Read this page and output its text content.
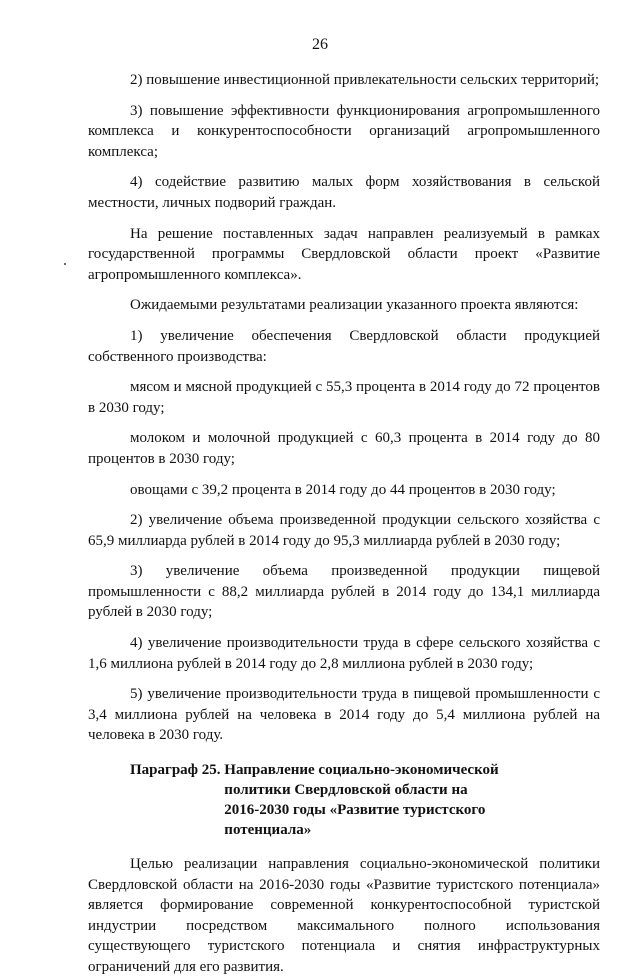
26

2) повышение инвестиционной привлекательности сельских территорий;

3) повышение эффективности функционирования агропромышленного комплекса и конкурентоспособности организаций агропромышленного комплекса;

4) содействие развитию малых форм хозяйствования в сельской местности, личных подворий граждан.

На решение поставленных задач направлен реализуемый в рамках государственной программы Свердловской области проект «Развитие агропромышленного комплекса».

Ожидаемыми результатами реализации указанного проекта являются:

1) увеличение обеспечения Свердловской области продукцией собственного производства:

мясом и мясной продукцией с 55,3 процента в 2014 году до 72 процентов в 2030 году;

молоком и молочной продукцией с 60,3 процента в 2014 году до 80 процентов в 2030 году;

овощами с 39,2 процента в 2014 году до 44 процентов в 2030 году;

2) увеличение объема произведенной продукции сельского хозяйства с 65,9 миллиарда рублей в 2014 году до 95,3 миллиарда рублей в 2030 году;

3) увеличение объема произведенной продукции пищевой промышленности с 88,2 миллиарда рублей в 2014 году до 134,1 миллиарда рублей в 2030 году;

4) увеличение производительности труда в сфере сельского хозяйства с 1,6 миллиона рублей в 2014 году до 2,8 миллиона рублей в 2030 году;

5) увеличение производительности труда в пищевой промышленности с 3,4 миллиона рублей на человека в 2014 году до 5,4 миллиона рублей на человека в 2030 году.

Параграф 25. Направление социально-экономической
политики Свердловской области на
2016-2030 годы «Развитие туристского
потенциала»

Целью реализации направления социально-экономической политики Свердловской области на 2016-2030 годы «Развитие туристского потенциала» является формирование современной конкурентоспособной туристской индустрии посредством максимального полного использования существующего туристского потенциала и снятия инфраструктурных ограничений для его развития.
